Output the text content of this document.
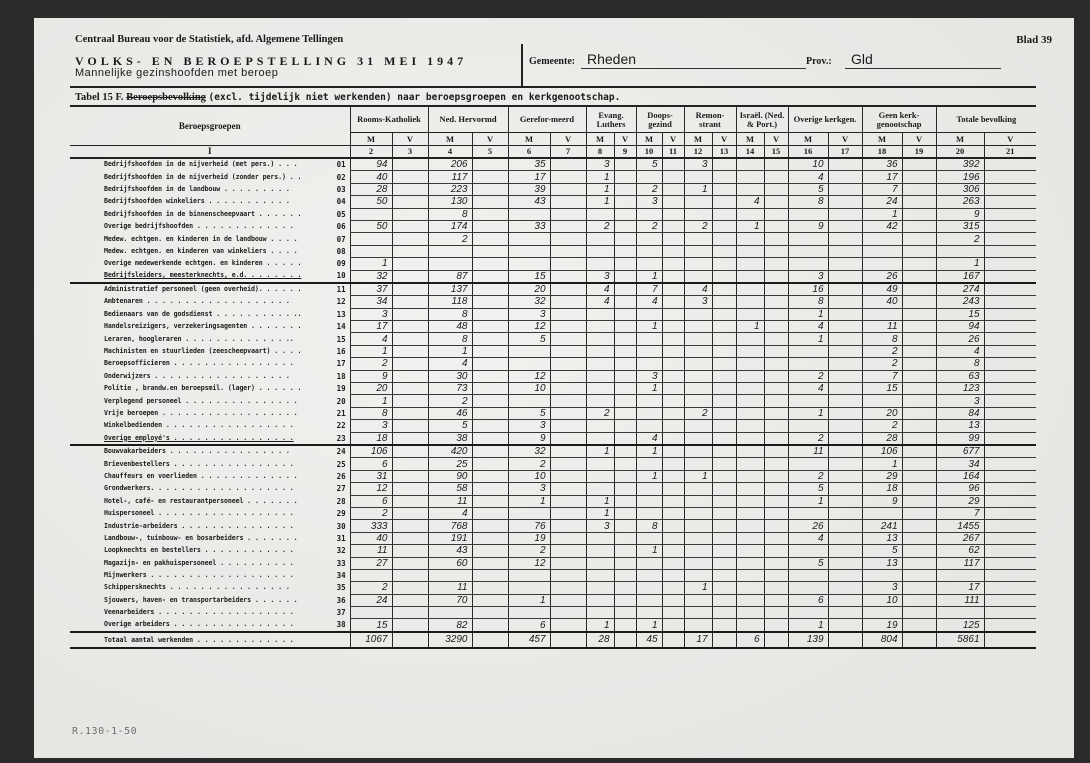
Centraal Bureau voor de Statistiek, afd. Algemene Tellingen	Blad 39
VOLKS- EN BEROEPSTELLING 31 MEI 1947
Mannelijke gezinshoofden met beroep
Gemeente: Rheden	Prov.:	Gld
Tabel 15 F. Beroepsbevolking (excl. tijdelijk niet werkenden) naar beroepsgroepen en kerkgenootschap.
Beroepsgroepen	Rooms-Katholiek		Ned. Hervormd		Gerefor-meerd		Evang. Luthers		Doops-gezind		Remon-strant		Israël. (Ned. & Port.)		Overige kerkgen.		Geen kerk-genootschap		Totale bevolking	
	M	V	M	V	M	V	M	V	M	V	M	V	M	V	M	V	M	V	M	V
I	2	3	4	5	6	7	8	9	10	11	12	13	14	15	16	17	18	19	20	21
Bedrijfshoofden in de nijverheid (met pers.) . . . 01	94		206		35		3		5		3				10		36		392	
Bedrijfshoofden in de nijverheid (zonder pers.) . . 02	40		117		17		1								4		17		196	
Bedrijfshoofden in de landbouw . . . . . . . . . 03	28		223		39		1		2		1				5		7		306	
Bedrijfshoofden winkeliers . . . . . . . . . . . 04	50		130		43		1		3				4		8		24		263	
Bedrijfshoofden in de binnenscheepvaart . . . . . . 05			8														1		9	
Overige bedrijfshoofden . . . . . . . . . . . . . 06	50		174		33		2		2		2		1		9		42		315	
Medew. echtgen. en kinderen in de landbouw . . . . 07			2																2	
Medew. echtgen. en kinderen van winkeliers . . . . 08																				

Overige medewerkende echtgen. en kinderen . . . . . 09	1																		1	
Bedrijfsleiders, meesterknechts, e.d. . . . . . . . 10	32		87		15		3		1						3		26		167	
Administratief personeel (geen overheid). . . . . . 11	37		137		20		4		7		4				16		49		274	
Ambtenaren . . . . . . . . . . . . . . . . . . . 12	34		118		32		4		4		3				8		40		243	
Bedienaars van de godsdienst . . . . . . . . . . .. 13	3		8		3										1				15	
Handelsreizigers, verzekeringsagenten . . . . . . . 14	17		48		12				1				1		4		11		94	
Leraren, hoogleraren . . . . . . . . . . . . . .. 15	4		8		5										1		8		26	
Machinisten en stuurlieden (zeescheepvaart) . . . . 16	1		1														2		4	
Beroepsofficieren . . . . . . . . . . . . . . . . 17	2		4														2		8	
Onderwijzers . . . . . . . . . . . . . . . . . . 18	9		30		12				3						2		7		63	
Politie , brandw.en beroepsmil. (lager) . . . . . . 19	20		73		10				1						4		15		123	
Verplegend personeel . . . . . . . . . . . . . . . 20	1		2																3	
Vrije beroepen . . . . . . . . . . . . . . . . . . 21	8		46		5		2				2				1		20		84	
Winkelbedienden . . . . . . . . . . . . . . . . . 22	3		5		3												2		13	
Overige employé's . . . . . . . . . . . . . . . . 23	18		38		9				4						2		28		99	
Bouwvakarbeiders . . . . . . . . . . . . . . . . 24	106		420		32		1		1						11		106		677	
Brievenbestellers . . . . . . . . . . . . . . . . 25	6		25		2												1		34	
Chauffeurs en voerlieden . . . . . . . . . . . . . 26	31		90		10				1		1				2		29		164	
Grondwerkers. . . . . . . . . . . . . . . . . . . 27	12		58		3										5		18		96	
Hotel-, café- en restaurantpersoneel . . . . . . . 28	6		11		1		1								1		9		29	
Huispersoneel . . . . . . . . . . . . . . . . . . 29	2		4				1												7	
Industrie-arbeiders . . . . . . . . . . . . . . . 30	333		768		76		3		8						26		241		1455	
Landbouw-, tuinbouw- en bosarbeiders . . . . . . . 31	40		191		19										4		13		267	
Loopknechts en bestellers . . . . . . . . . . . . 32	11		43		2				1								5		62	
Magazijn- en pakhuispersoneel . . . . . . . . . . 33	27		60		12										5		13		117	
Mijnwerkers . . . . . . . . . . . . . . . . . . . 34																				

Schippersknechts . . . . . . . . . . . . . . . . 35	2		11								1						3		17	
Sjouwers, haven- en transportarbeiders . . . . . . 36	24		70		1										6		10		111	
Veenarbeiders . . . . . . . . . . . . . . . . . . 37																				

Overige arbeiders . . . . . . . . . . . . . . . . 38	15		82		6		1		1						1		19		125	
Totaal aantal werkenden . . . . . . . . . . . . .	1067		3290		457		28		45		17		6		139		804		5861	
R.130-1-50
